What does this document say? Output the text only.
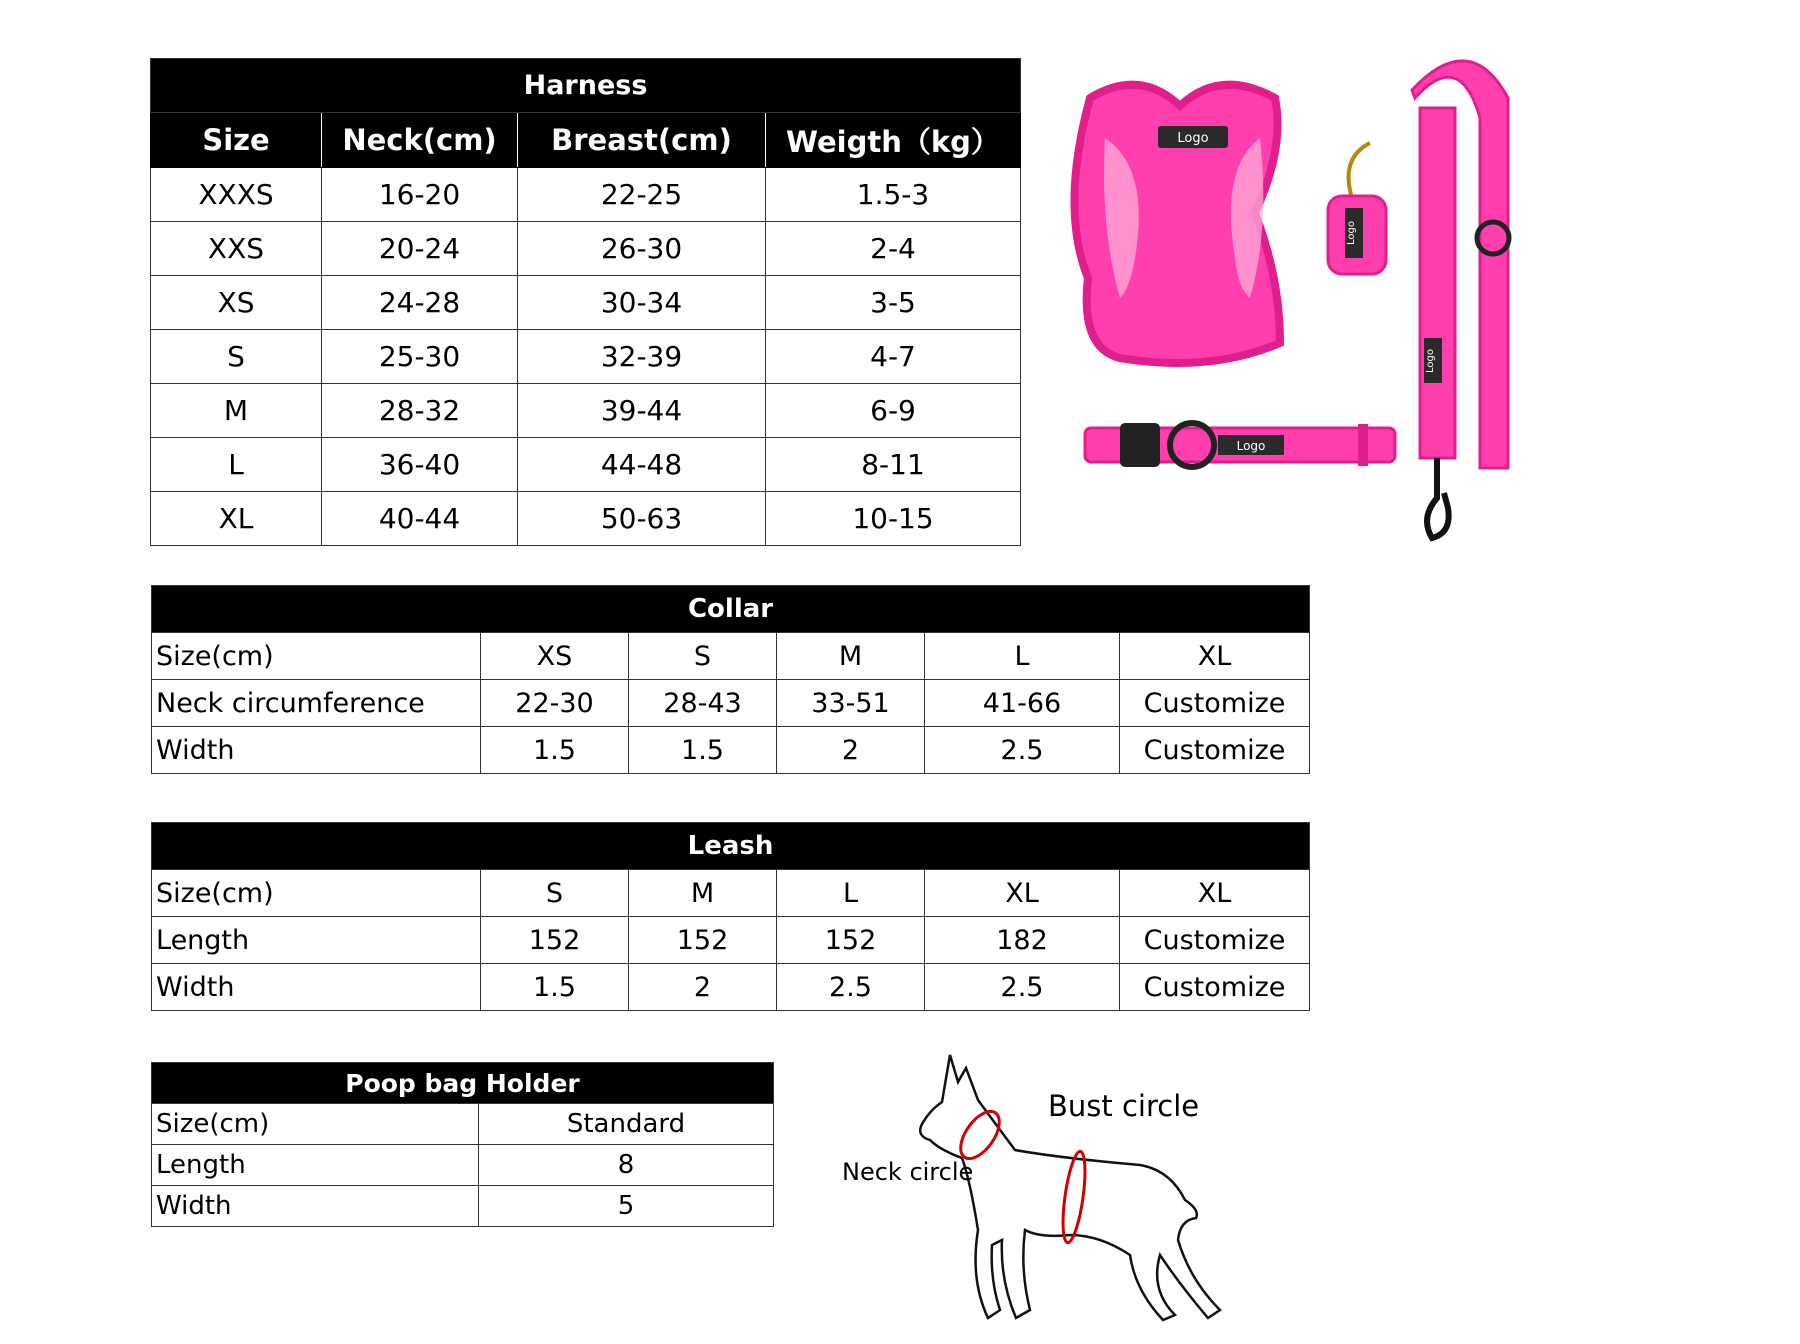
Harness			
Size	Neck(cm)	Breast(cm)	Weigth（kg）
XXXS	16-20	22-25	1.5-3
XXS	20-24	26-30	2-4
XS	24-28	30-34	3-5
S	25-30	32-39	4-7
M	28-32	39-44	6-9
L	36-40	44-48	8-11
XL	40-44	50-63	10-15
Collar					
Size(cm)	XS	S	M	L	XL
Neck circumference	22-30	28-43	33-51	41-66	Customize
Width	1.5	1.5	2	2.5	Customize
Leash					
Size(cm)	S	M	L	XL	XL
Length	152	152	152	182	Customize
Width	1.5	2	2.5	2.5	Customize
Poop bag Holder	
Size(cm)	Standard
Length	8
Width	5
Logo
Logo
Logo
Logo
Bust circle
Neck circle
